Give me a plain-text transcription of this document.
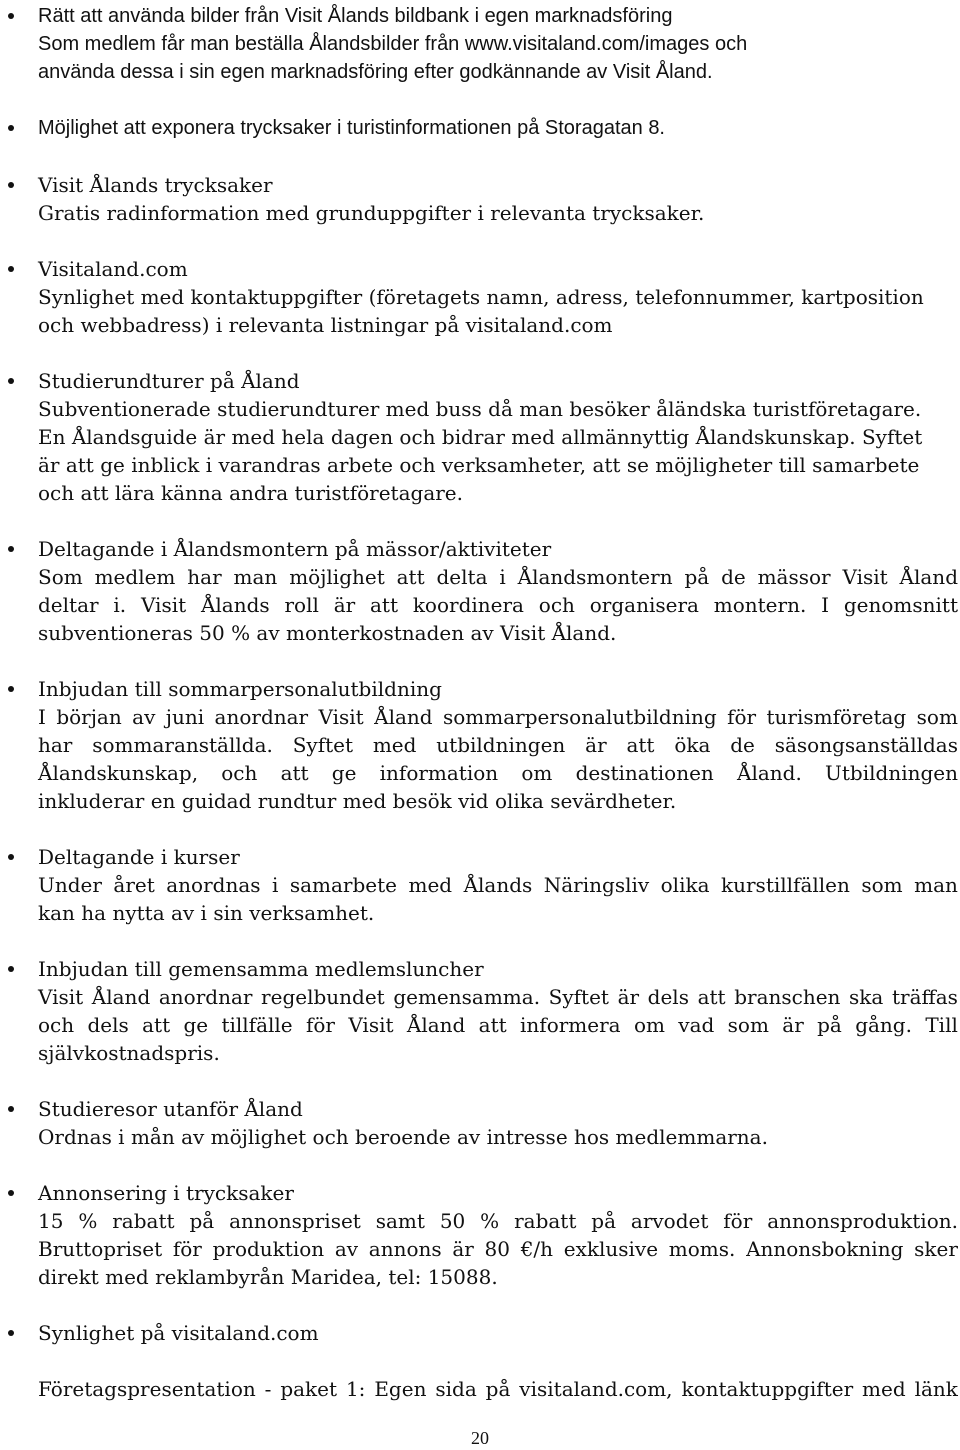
Rätt att använda bilder från Visit Ålands bildbank i egen marknadsföring
Som medlem får man beställa Ålandsbilder från www.visitaland.com/images och
använda dessa i sin egen marknadsföring efter godkännande av Visit Åland.
Möjlighet att exponera trycksaker i turistinformationen på Storagatan 8.
Visit Ålands trycksaker
Gratis radinformation med grunduppgifter i relevanta trycksaker.
Visitaland.com
Synlighet med kontaktuppgifter (företagets namn, adress, telefonnummer, kartposition
och webbadress) i relevanta listningar på visitaland.com
Studierundturer på Åland
Subventionerade studierundturer med buss då man besöker åländska turistföretagare.
En Ålandsguide är med hela dagen och bidrar med allmännyttig Ålandskunskap. Syftet
är att ge inblick i varandras arbete och verksamheter, att se möjligheter till samarbete
och att lära känna andra turistföretagare.
Deltagande i Ålandsmontern på mässor/aktiviteter
Som medlem har man möjlighet att delta i Ålandsmontern på de mässor Visit Åland
deltar i. Visit Ålands roll är att koordinera och organisera montern. I genomsnitt
subventioneras 50 % av monterkostnaden av Visit Åland.
Inbjudan till sommarpersonalutbildning
I början av juni anordnar Visit Åland sommarpersonalutbildning för turismföretag som
har sommaranställda. Syftet med utbildningen är att öka de säsongsanställdas
Ålandskunskap, och att ge information om destinationen Åland. Utbildningen
inkluderar en guidad rundtur med besök vid olika sevärdheter.
Deltagande i kurser
Under året anordnas i samarbete med Ålands Näringsliv olika kurstillfällen som man
kan ha nytta av i sin verksamhet.
Inbjudan till gemensamma medlemsluncher
Visit Åland anordnar regelbundet gemensamma. Syftet är dels att branschen ska träffas
och dels att ge tillfälle för Visit Åland att informera om vad som är på gång. Till
självkostnadspris.
Studieresor utanför Åland
Ordnas i mån av möjlighet och beroende av intresse hos medlemmarna.
Annonsering i trycksaker
15 % rabatt på annonspriset samt 50 % rabatt på arvodet för annonsproduktion.
Bruttopriset för produktion av annons är 80 €/h exklusive moms. Annonsbokning sker
direkt med reklambyrån Maridea, tel: 15088.
Synlighet på visitaland.com
Företagspresentation - paket 1: Egen sida på visitaland.com, kontaktuppgifter med länk
20
